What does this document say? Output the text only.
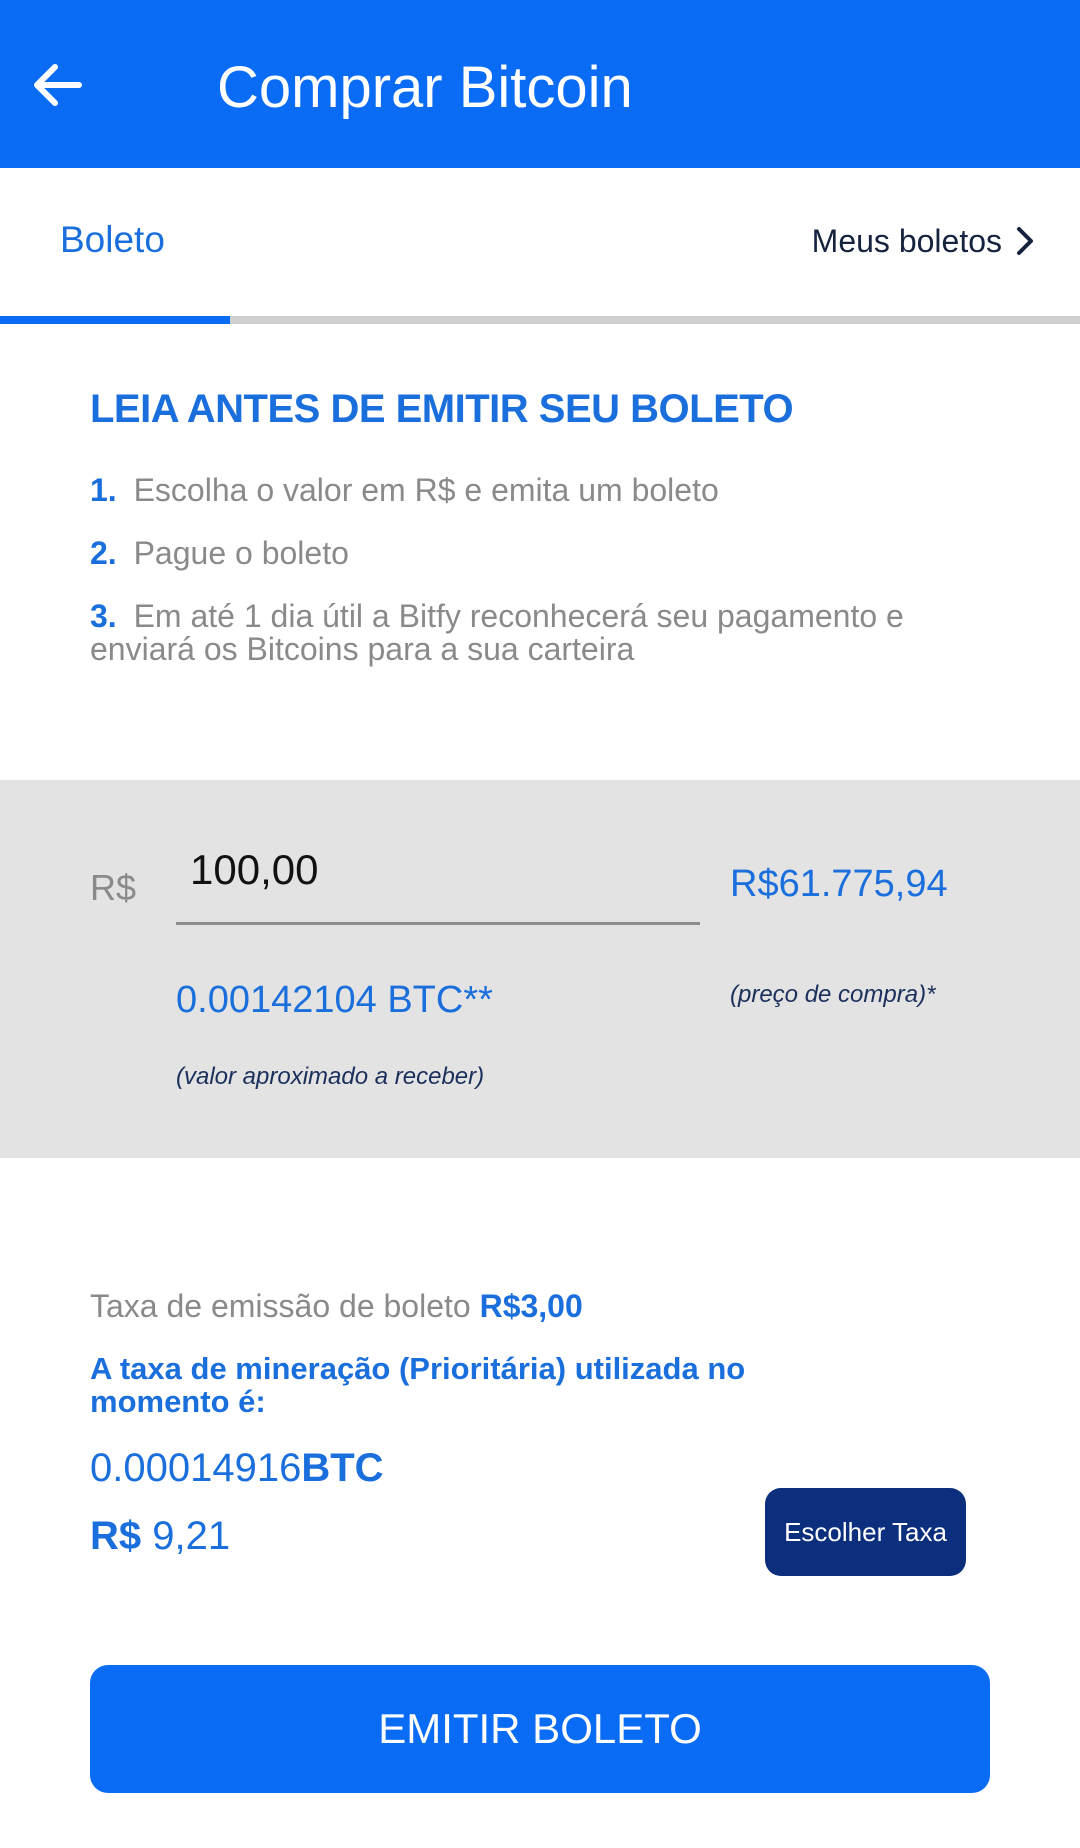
Comprar Bitcoin
Boleto	Meus boletos
LEIA ANTES DE EMITIR SEU BOLETO
1. Escolha o valor em R$ e emita um boleto
2. Pague o boleto
3. Em até 1 dia útil a Bitfy reconhecerá seu pagamento e enviará os Bitcoins para a sua carteira
R$ 100,00
0.00142104 BTC**
(valor aproximado a receber)
R$61.775,94
(preço de compra)*
Taxa de emissão de boleto R$3,00
A taxa de mineração (Prioritária) utilizada no momento é:
0.00014916BTC
R$ 9,21	Escolher Taxa
EMITIR BOLETO
